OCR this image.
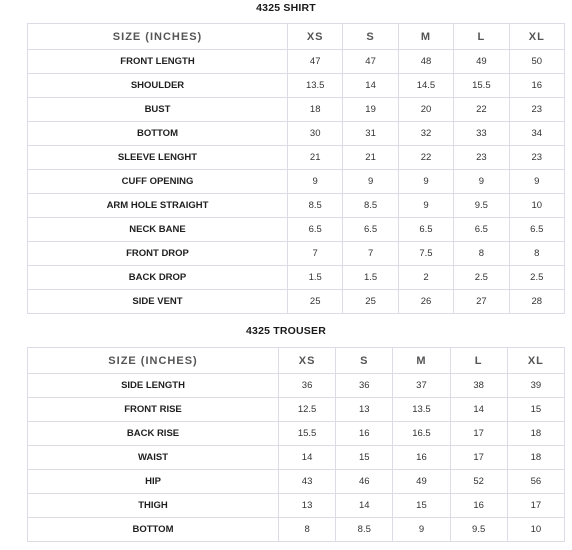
4325 SHIRT
SIZE (INCHES)	XS	S	M	L	XL
FRONT LENGTH	47	47	48	49	50
SHOULDER	13.5	14	14.5	15.5	16
BUST	18	19	20	22	23
BOTTOM	30	31	32	33	34
SLEEVE LENGHT	21	21	22	23	23
CUFF OPENING	9	9	9	9	9
ARM HOLE STRAIGHT	8.5	8.5	9	9.5	10
NECK BANE	6.5	6.5	6.5	6.5	6.5
FRONT DROP	7	7	7.5	8	8
BACK DROP	1.5	1.5	2	2.5	2.5
SIDE VENT	25	25	26	27	28
4325 TROUSER
SIZE (INCHES)	XS	S	M	L	XL
SIDE LENGTH	36	36	37	38	39
FRONT RISE	12.5	13	13.5	14	15
BACK RISE	15.5	16	16.5	17	18
WAIST	14	15	16	17	18
HIP	43	46	49	52	56
THIGH	13	14	15	16	17
BOTTOM	8	8.5	9	9.5	10
